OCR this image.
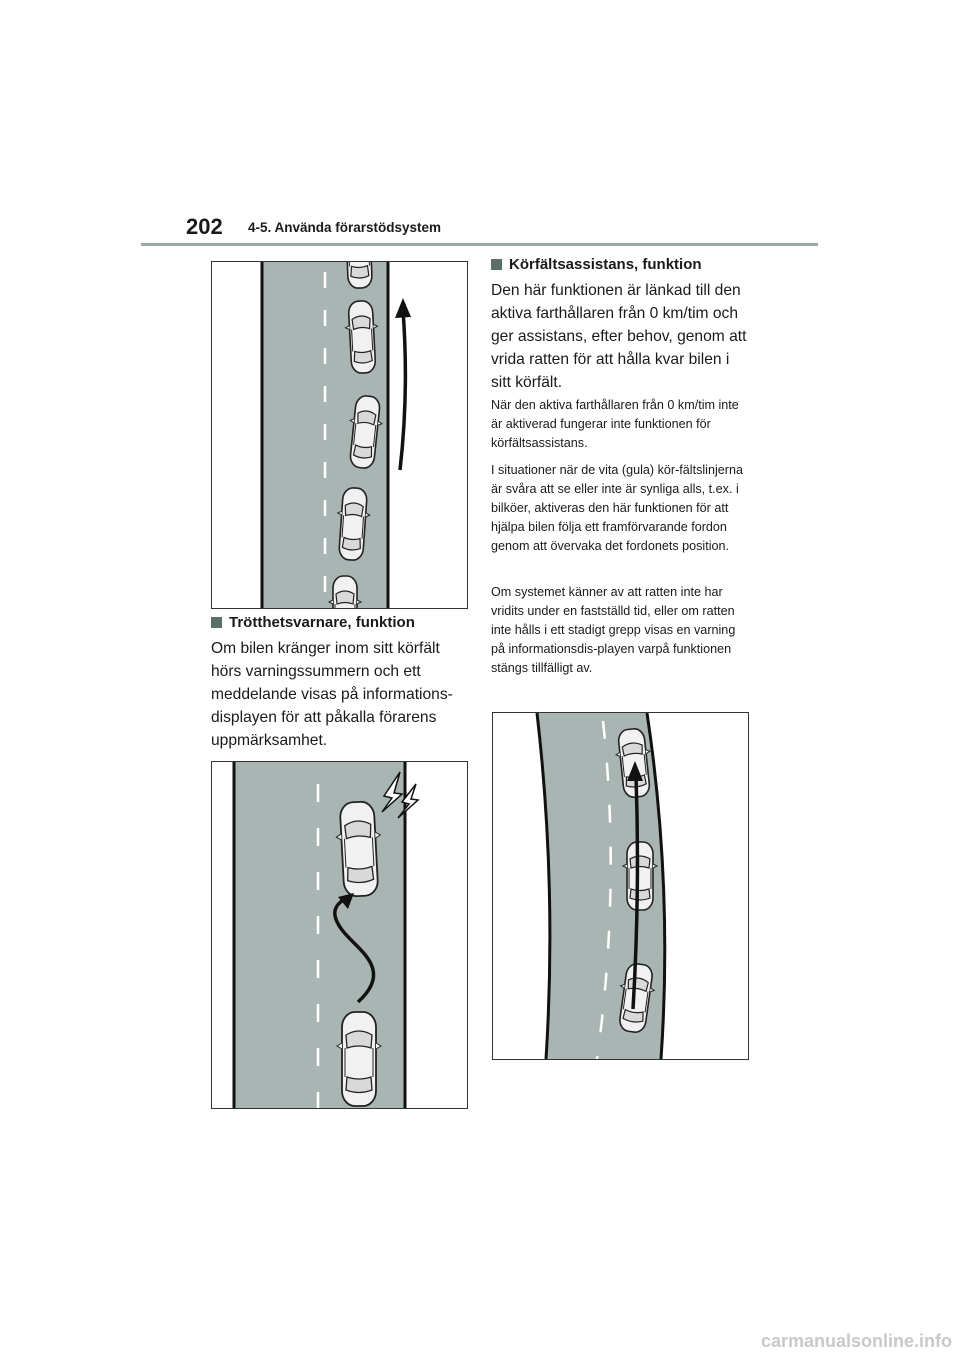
202 4-5. Använda förarstödsystem
Trötthetsvarnare, funktion

Om bilen kränger inom sitt körfält hörs varningssummern och ett meddelande visas på informations-displayen för att påkalla förarens uppmärksamhet.

Körfältsassistans, funktion

Den här funktionen är länkad till den aktiva farthållaren från 0 km/tim och ger assistans, efter behov, genom att vrida ratten för att hålla kvar bilen i sitt körfält.

När den aktiva farthållaren från 0 km/tim inte är aktiverad fungerar inte funktionen för körfältsassistans.

I situationer när de vita (gula) kör-fältslinjerna är svåra att se eller inte är synliga alls, t.ex. i bilköer, aktiveras den här funktionen för att hjälpa bilen följa ett framförvarande fordon genom att övervaka det fordonets position.

Om systemet känner av att ratten inte har vridits under en fastställd tid, eller om ratten inte hålls i ett stadigt grepp visas en varning på informationsdis-playen varpå funktionen stängs tillfälligt av.

carmanualsonline.info
